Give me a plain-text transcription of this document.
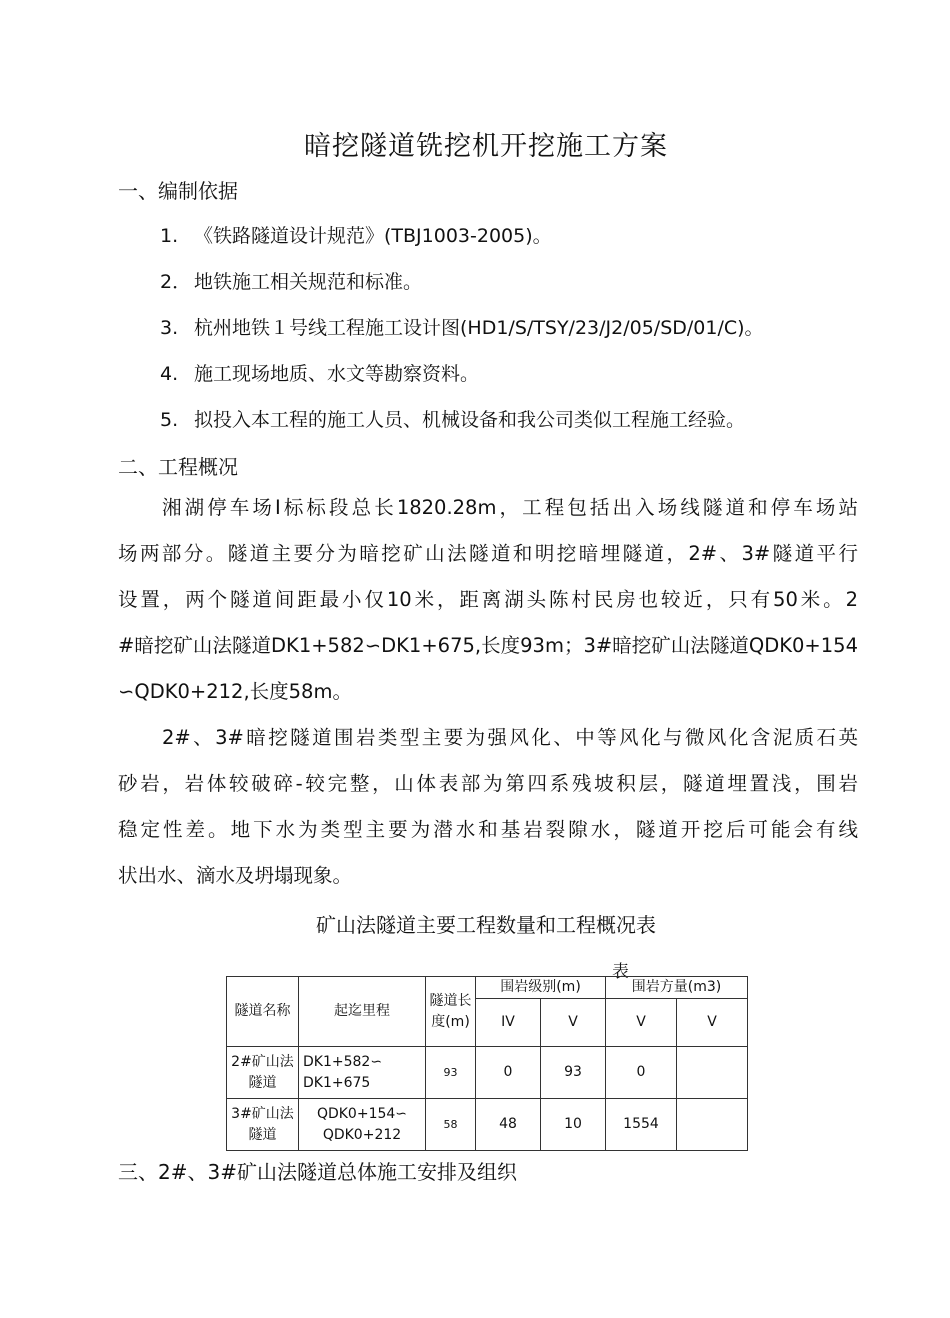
暗挖隧道铣挖机开挖施工方案
一、编制依据
1. 《铁路隧道设计规范》(TBJ1003-2005)。
2． 地铁施工相关规范和标准。
3. 杭州地铁１号线工程施工设计图(HD1/S/TSY/23/J2/05/SD/01/C)。
4. 施工现场地质、水文等勘察资料。
5. 拟投入本工程的施工人员、机械设备和我公司类似工程施工经验。
二、工程概况

湘湖停车场Ⅰ标标段总长1820.28m，工程包括出入场线隧道和停车场站

场两部分。隧道主要分为暗挖矿山法隧道和明挖暗埋隧道，2#、3#隧道平行

设置，两个隧道间距最小仅10米，距离湖头陈村民房也较近，只有50米。2

#暗挖矿山法隧道DK1+582∽DK1+675,长度93m；3#暗挖矿山法隧道QDK0+154

∽QDK0+212,长度58m。

2#、3#暗挖隧道围岩类型主要为强风化、中等风化与微风化含泥质石英

砂岩，岩体较破碎-较完整，山体表部为第四系残坡积层，隧道埋置浅，围岩

稳定性差。地下水为类型主要为潜水和基岩裂隙水，隧道开挖后可能会有线

状出水、滴水及坍塌现象。

矿山法隧道主要工程数量和工程概况表
表
隧道名称	起迄里程	隧道长度(m)	围岩级别(m)		围岩方量(m3)	
			IV	V	V	V
2#矿山法隧道	DK1+582∽
DK1+675	93	0	93	0	
3#矿山法隧道	QDK0+154∽
QDK0+212	58	48	10	1554	
三、2#、3#矿山法隧道总体施工安排及组织
